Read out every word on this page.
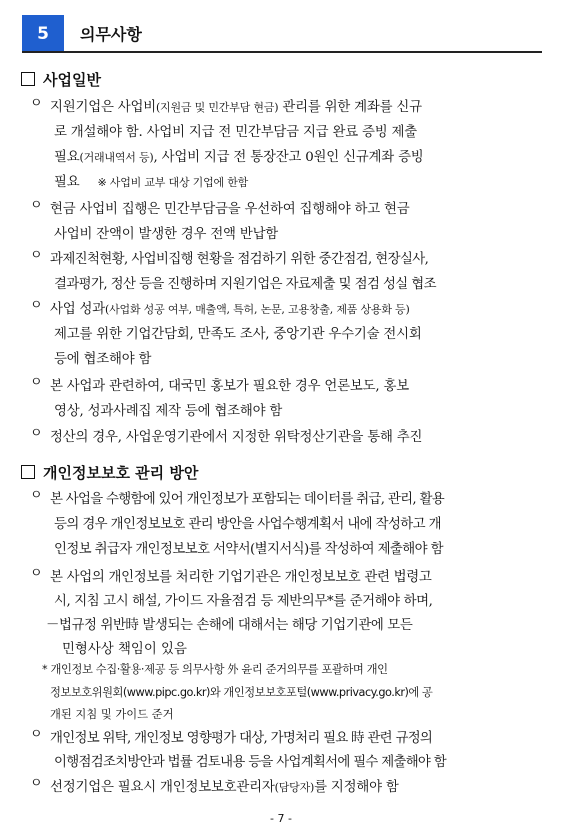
5	의무사항
사업일반
ㅇ 지원기업은 사업비(지원금 및 민간부담 현금) 관리를 위한 계좌를 신규
로 개설해야 함. 사업비 지급 전 민간부담금 지급 완료 증빙 제출
필요(거래내역서 등), 사업비 지급 전 통장잔고 0원인 신규계좌 증빙
필요 ※ 사업비 교부 대상 기업에 한함
ㅇ 현금 사업비 집행은 민간부담금을 우선하여 집행해야 하고 현금
사업비 잔액이 발생한 경우 전액 반납함
ㅇ 과제진척현황, 사업비집행 현황을 점검하기 위한 중간점검, 현장실사,
결과평가, 정산 등을 진행하며 지원기업은 자료제출 및 점검 성실 협조
ㅇ 사업 성과(사업화 성공 여부, 매출액, 특허, 논문, 고용창출, 제품 상용화 등)
제고를 위한 기업간담회, 만족도 조사, 중앙기관 우수기술 전시회
등에 협조해야 함
ㅇ 본 사업과 관련하여, 대국민 홍보가 필요한 경우 언론보도, 홍보
영상, 성과사례집 제작 등에 협조해야 함
ㅇ 정산의 경우, 사업운영기관에서 지정한 위탁정산기관을 통해 추진
개인정보보호 관리 방안
ㅇ 본 사업을 수행함에 있어 개인정보가 포함되는 데이터를 취급, 관리, 활용
등의 경우 개인정보보호 관리 방안을 사업수행계획서 내에 작성하고 개
인정보 취급자 개인정보보호 서약서(별지서식)를 작성하여 제출해야 함
ㅇ 본 사업의 개인정보를 처리한 기업기관은 개인정보보호 관련 법령고
시, 지침 고시 해설, 가이드 자율점검 등 제반의무*를 준거해야 하며,
－법규정 위반時 발생되는 손해에 대해서는 해당 기업기관에 모든
민형사상 책임이 있음
* 개인정보 수집·활용·제공 등 의무사항 外 윤리 준거의무를 포괄하며 개인
정보보호위원회(www.pipc.go.kr)와 개인정보보호포털(www.privacy.go.kr)에 공
개된 지침 및 가이드 준거
ㅇ 개인정보 위탁, 개인정보 영향평가 대상, 가명처리 필요 時 관련 규정의
이행점검조치방안과 법률 검토내용 등을 사업계획서에 필수 제출해야 함
ㅇ 선정기업은 필요시 개인정보보호관리자(담당자)를 지정해야 함
- 7 -
